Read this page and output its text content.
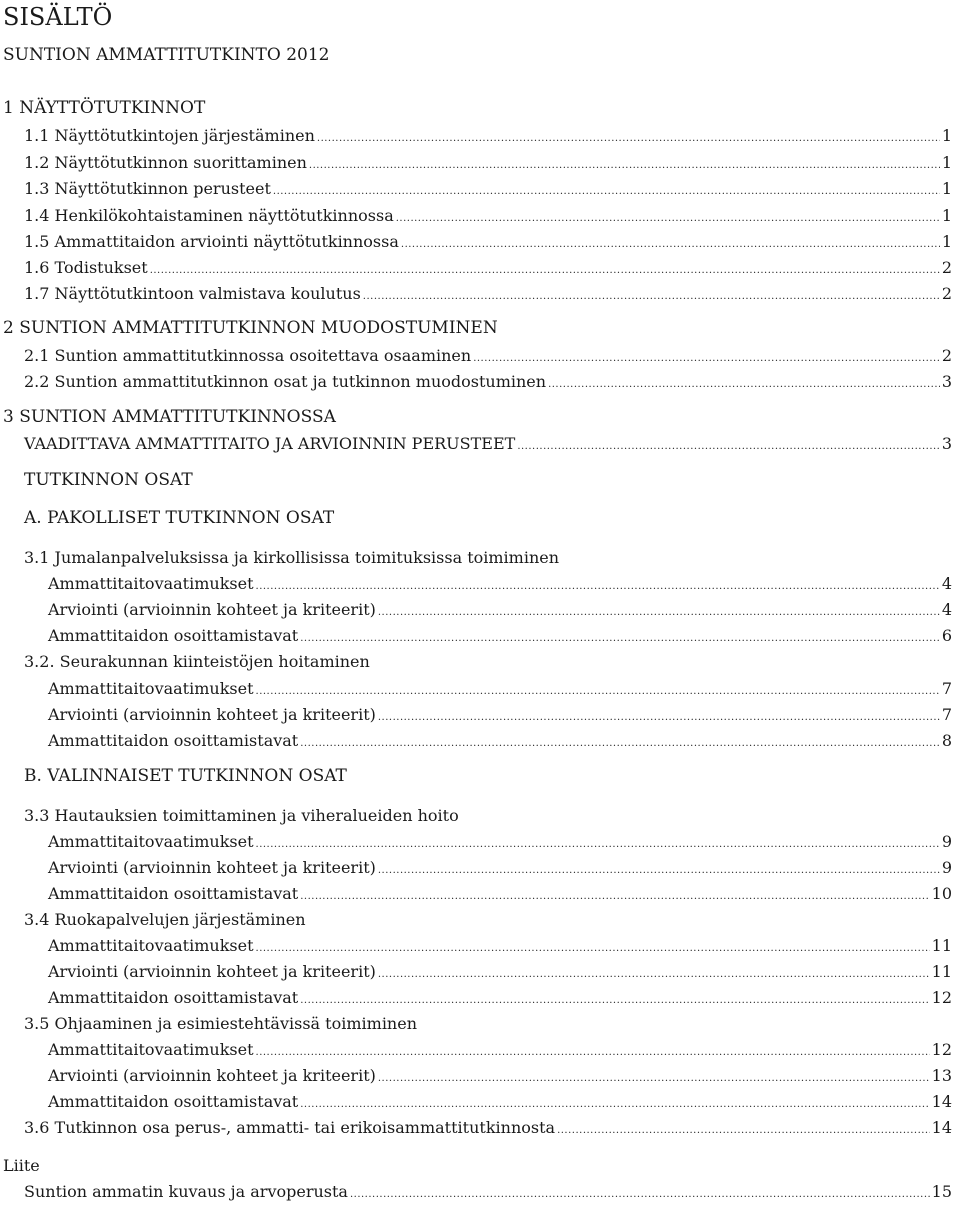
SISÄLTÖ
SUNTION AMMATTITUTKINTO 2012
1 NÄYTTÖTUTKINNOT
1.1 Näyttötutkintojen järjestäminen .....	1
1.2 Näyttötutkinnon suorittaminen .....	1
1.3 Näyttötutkinnon perusteet .....	1
1.4 Henkilökohtaistaminen näyttötutkinnossa .....	1
1.5 Ammattitaidon arviointi näyttötutkinnossa .....	1
1.6 Todistukset .....	2
1.7 Näyttötutkintoon valmistava koulutus .....	2
2 SUNTION AMMATTITUTKINNON MUODOSTUMINEN
2.1 Suntion ammattitutkinnossa osoitettava osaaminen .....	2
2.2 Suntion ammattitutkinnon osat ja tutkinnon muodostuminen .....	3
3 SUNTION AMMATTITUTKINNOSSA
VAADITTAVA AMMATTITAITO JA ARVIOINNIN PERUSTEET .....	3
TUTKINNON OSAT
A. PAKOLLISET TUTKINNON OSAT
3.1 Jumalanpalveluksissa ja kirkollisissa toimituksissa toimiminen
Ammattitaitovaatimukset .....	4
Arviointi (arvioinnin kohteet ja kriteerit) .....	4
Ammattitaidon osoittamistavat .....	6
3.2. Seurakunnan kiinteistöjen hoitaminen
Ammattitaitovaatimukset .....	7
Arviointi (arvioinnin kohteet ja kriteerit) .....	7
Ammattitaidon osoittamistavat .....	8
B. VALINNAISET TUTKINNON OSAT
3.3 Hautauksien toimittaminen ja viheralueiden hoito
Ammattitaitovaatimukset .....	9
Arviointi (arvioinnin kohteet ja kriteerit) .....	9
Ammattitaidon osoittamistavat .....	10
3.4 Ruokapalvelujen järjestäminen
Ammattitaitovaatimukset .....	11
Arviointi (arvioinnin kohteet ja kriteerit) .....	11
Ammattitaidon osoittamistavat .....	12
3.5 Ohjaaminen ja esimiestehtävissä toimiminen
Ammattitaitovaatimukset .....	12
Arviointi (arvioinnin kohteet ja kriteerit) .....	13
Ammattitaidon osoittamistavat .....	14
3.6 Tutkinnon osa perus-, ammatti- tai erikoisammattitutkinnosta .....	14
Liite
Suntion ammatin kuvaus ja arvoperusta .....	15
